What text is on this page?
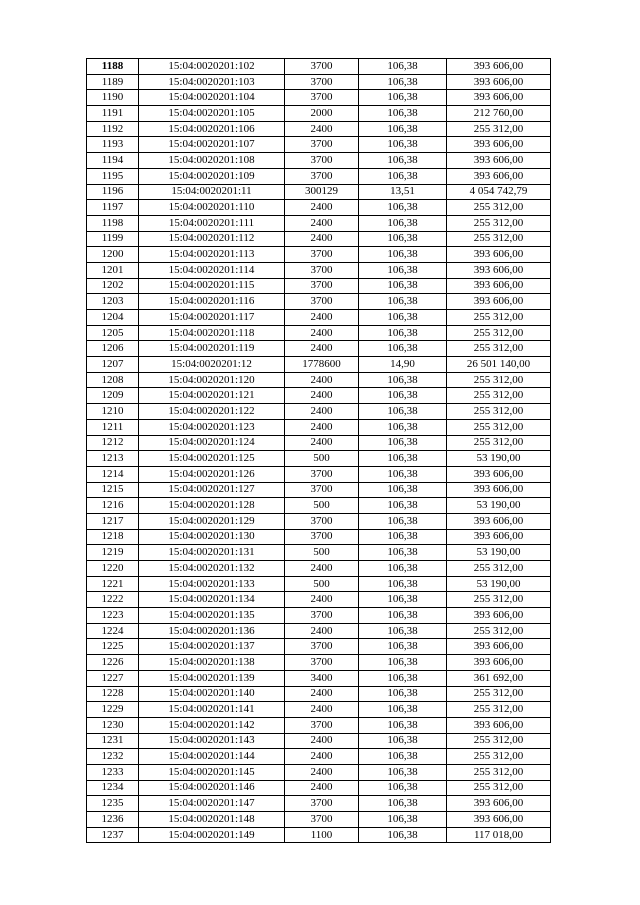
1188	15:04:0020201:102	3700	106,38	393 606,00
1189	15:04:0020201:103	3700	106,38	393 606,00
1190	15:04:0020201:104	3700	106,38	393 606,00
1191	15:04:0020201:105	2000	106,38	212 760,00
1192	15:04:0020201:106	2400	106,38	255 312,00
1193	15:04:0020201:107	3700	106,38	393 606,00
1194	15:04:0020201:108	3700	106,38	393 606,00
1195	15:04:0020201:109	3700	106,38	393 606,00
1196	15:04:0020201:11	300129	13,51	4 054 742,79
1197	15:04:0020201:110	2400	106,38	255 312,00
1198	15:04:0020201:111	2400	106,38	255 312,00
1199	15:04:0020201:112	2400	106,38	255 312,00
1200	15:04:0020201:113	3700	106,38	393 606,00
1201	15:04:0020201:114	3700	106,38	393 606,00
1202	15:04:0020201:115	3700	106,38	393 606,00
1203	15:04:0020201:116	3700	106,38	393 606,00
1204	15:04:0020201:117	2400	106,38	255 312,00
1205	15:04:0020201:118	2400	106,38	255 312,00
1206	15:04:0020201:119	2400	106,38	255 312,00
1207	15:04:0020201:12	1778600	14,90	26 501 140,00
1208	15:04:0020201:120	2400	106,38	255 312,00
1209	15:04:0020201:121	2400	106,38	255 312,00
1210	15:04:0020201:122	2400	106,38	255 312,00
1211	15:04:0020201:123	2400	106,38	255 312,00
1212	15:04:0020201:124	2400	106,38	255 312,00
1213	15:04:0020201:125	500	106,38	53 190,00
1214	15:04:0020201:126	3700	106,38	393 606,00
1215	15:04:0020201:127	3700	106,38	393 606,00
1216	15:04:0020201:128	500	106,38	53 190,00
1217	15:04:0020201:129	3700	106,38	393 606,00
1218	15:04:0020201:130	3700	106,38	393 606,00
1219	15:04:0020201:131	500	106,38	53 190,00
1220	15:04:0020201:132	2400	106,38	255 312,00
1221	15:04:0020201:133	500	106,38	53 190,00
1222	15:04:0020201:134	2400	106,38	255 312,00
1223	15:04:0020201:135	3700	106,38	393 606,00
1224	15:04:0020201:136	2400	106,38	255 312,00
1225	15:04:0020201:137	3700	106,38	393 606,00
1226	15:04:0020201:138	3700	106,38	393 606,00
1227	15:04:0020201:139	3400	106,38	361 692,00
1228	15:04:0020201:140	2400	106,38	255 312,00
1229	15:04:0020201:141	2400	106,38	255 312,00
1230	15:04:0020201:142	3700	106,38	393 606,00
1231	15:04:0020201:143	2400	106,38	255 312,00
1232	15:04:0020201:144	2400	106,38	255 312,00
1233	15:04:0020201:145	2400	106,38	255 312,00
1234	15:04:0020201:146	2400	106,38	255 312,00
1235	15:04:0020201:147	3700	106,38	393 606,00
1236	15:04:0020201:148	3700	106,38	393 606,00
1237	15:04:0020201:149	1100	106,38	117 018,00
